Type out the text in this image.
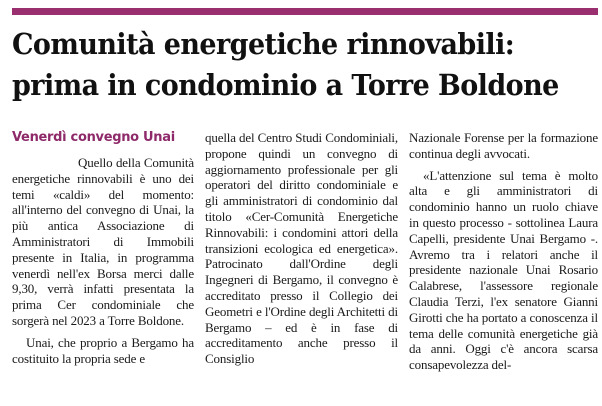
Comunità energetiche rinnovabili:
prima in condominio a Torre Boldone
Venerdì convegno Unai

Quello della Comunità energetiche rinnovabili è uno dei temi «caldi» del momento: all'interno del convegno di Unai, la più antica Associazione di Amministratori di Immobili presente in Italia, in programma venerdì nell'ex Borsa merci dalle 9,30, verrà infatti presentata la prima Cer condominiale che sorgerà nel 2023 a Torre Boldone.

Unai, che proprio a Bergamo ha costituito la propria sede e

quella del Centro Studi Condominiali, propone quindi un convegno di aggiornamento professionale per gli operatori del diritto condominiale e gli amministratori di condominio dal titolo «Cer-Comunità Energetiche Rinnovabili: i condomini attori della transizioni ecologica ed energetica». Patrocinato dall'Ordine degli Ingegneri di Bergamo, il convegno è accreditato presso il Collegio dei Geometri e l'Ordine degli Architetti di Bergamo – ed è in fase di accreditamento anche presso il Consiglio

Nazionale Forense per la formazione continua degli avvocati.

«L'attenzione sul tema è molto alta e gli amministratori di condominio hanno un ruolo chiave in questo processo - sottolinea Laura Capelli, presidente Unai Bergamo -. Avremo tra i relatori anche il presidente nazionale Unai Rosario Calabrese, l'assessore regionale Claudia Terzi, l'ex senatore Gianni Girotti che ha portato a conoscenza il tema delle comunità energetiche già da anni. Oggi c'è ancora scarsa consapevolezza del-
